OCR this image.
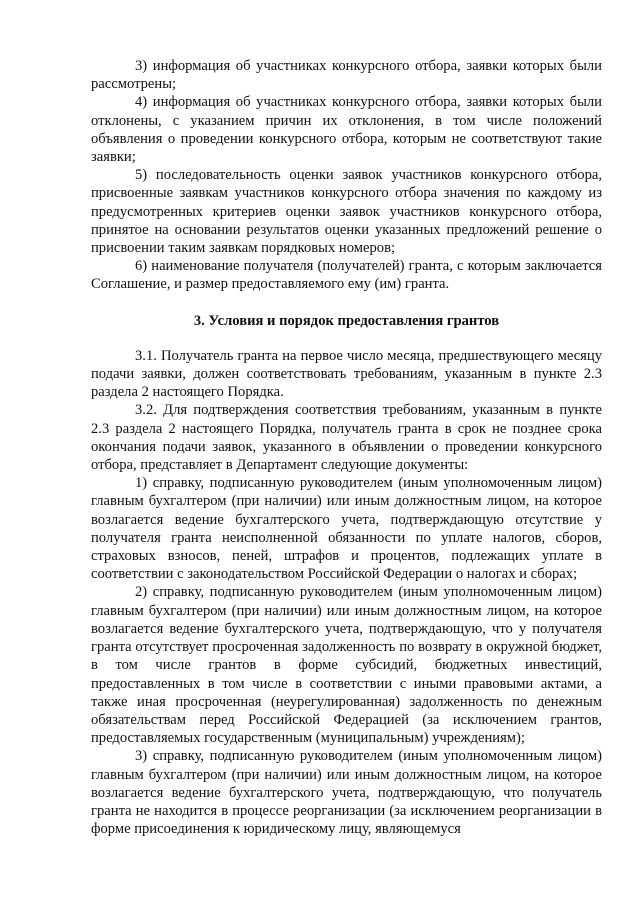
3) информация об участниках конкурсного отбора, заявки которых были рассмотрены;

4) информация об участниках конкурсного отбора, заявки которых были отклонены, с указанием причин их отклонения, в том числе положений объявления о проведении конкурсного отбора, которым не соответствуют такие заявки;

5) последовательность оценки заявок участников конкурсного отбора, присвоенные заявкам участников конкурсного отбора значения по каждому из предусмотренных критериев оценки заявок участников конкурсного отбора, принятое на основании результатов оценки указанных предложений решение о присвоении таким заявкам порядковых номеров;

6) наименование получателя (получателей) гранта, с которым заключается Соглашение, и размер предоставляемого ему (им) гранта.

3. Условия и порядок предоставления грантов

3.1. Получатель гранта на первое число месяца, предшествующего месяцу подачи заявки, должен соответствовать требованиям, указанным в пункте 2.3 раздела 2 настоящего Порядка.

3.2. Для подтверждения соответствия требованиям, указанным в пункте 2.3 раздела 2 настоящего Порядка, получатель гранта в срок не позднее срока окончания подачи заявок, указанного в объявлении о проведении конкурсного отбора, представляет в Департамент следующие документы:

1) справку, подписанную руководителем (иным уполномоченным лицом) главным бухгалтером (при наличии) или иным должностным лицом, на которое возлагается ведение бухгалтерского учета, подтверждающую отсутствие у получателя гранта неисполненной обязанности по уплате налогов, сборов, страховых взносов, пеней, штрафов и процентов, подлежащих уплате в соответствии с законодательством Российской Федерации о налогах и сборах;

2) справку, подписанную руководителем (иным уполномоченным лицом) главным бухгалтером (при наличии) или иным должностным лицом, на которое возлагается ведение бухгалтерского учета, подтверждающую, что у получателя гранта отсутствует просроченная задолженность по возврату в окружной бюджет, в том числе грантов в форме субсидий, бюджетных инвестиций, предоставленных в том числе в соответствии с иными правовыми актами, а также иная просроченная (неурегулированная) задолженность по денежным обязательствам перед Российской Федерацией (за исключением грантов, предоставляемых государственным (муниципальным) учреждениям);

3) справку, подписанную руководителем (иным уполномоченным лицом) главным бухгалтером (при наличии) или иным должностным лицом, на которое возлагается ведение бухгалтерского учета, подтверждающую, что получатель гранта не находится в процессе реорганизации (за исключением реорганизации в форме присоединения к юридическому лицу, являющемуся
